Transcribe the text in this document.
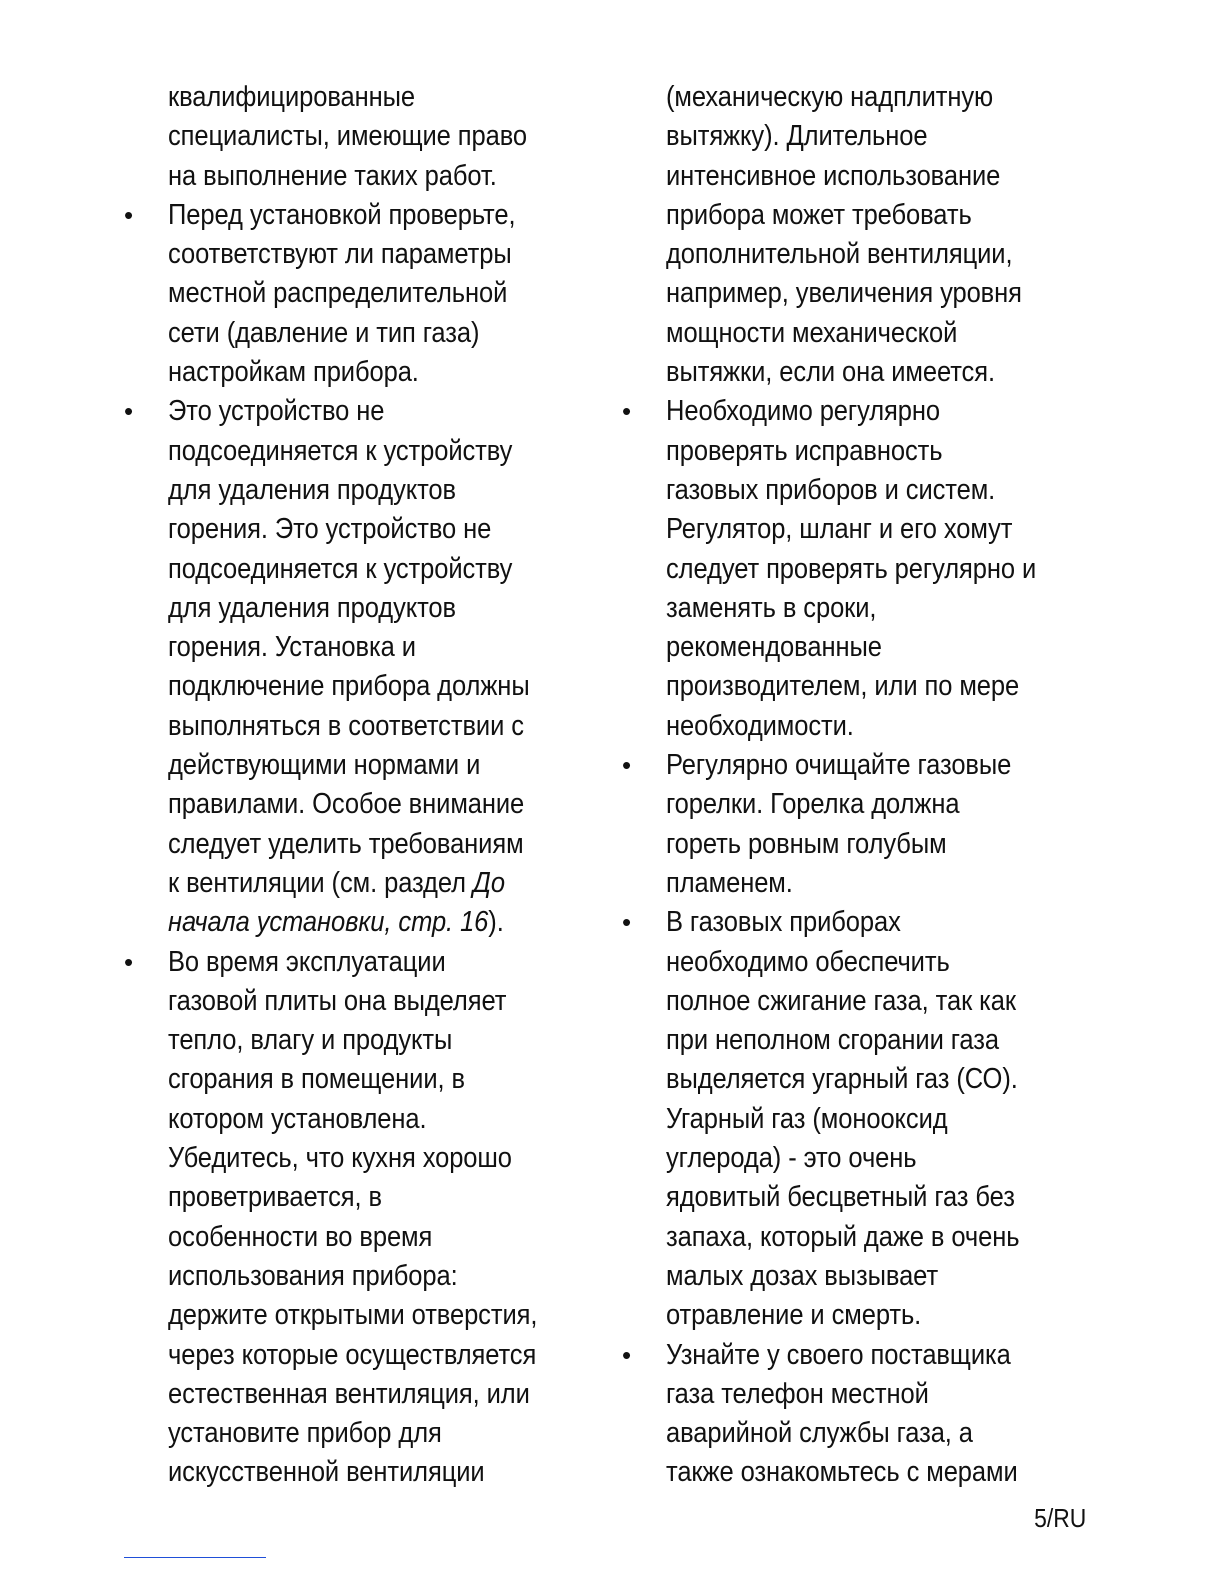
квалифицированные
специалисты, имеющие право
на выполнение таких работ.

• Перед установкой проверьте,
соответствуют ли параметры
местной распределительной
сети (давление и тип газа)
настройкам прибора.

• Это устройство не
подсоединяется к устройству
для удаления продуктов
горения. Это устройство не
подсоединяется к устройству
для удаления продуктов
горения. Установка и
подключение прибора должны
выполняться в соответствии с
действующими нормами и
правилами. Особое внимание
следует уделить требованиям
к вентиляции (см. раздел До
начала установки, стр. 16).

• Во время эксплуатации
газовой плиты она выделяет
тепло, влагу и продукты
сгорания в помещении, в
котором установлена.
Убедитесь, что кухня хорошо
проветривается, в
особенности во время
использования прибора:
держите открытыми отверстия,
через которые осуществляется
естественная вентиляция, или
установите прибор для
искусственной вентиляции

(механическую надплитную
вытяжку). Длительное
интенсивное использование
прибора может требовать
дополнительной вентиляции,
например, увеличения уровня
мощности механической
вытяжки, если она имеется.

• Необходимо регулярно
проверять исправность
газовых приборов и систем.
Регулятор, шланг и его хомут
следует проверять регулярно и
заменять в сроки,
рекомендованные
производителем, или по мере
необходимости.

• Регулярно очищайте газовые
горелки. Горелка должна
гореть ровным голубым
пламенем.

• В газовых приборах
необходимо обеспечить
полное сжигание газа, так как
при неполном сгорании газа
выделяется угарный газ (СО).
Угарный газ (монооксид
углерода) - это очень
ядовитый бесцветный газ без
запаха, который даже в очень
малых дозах вызывает
отравление и смерть.

• Узнайте у своего поставщика
газа телефон местной
аварийной службы газа, а
также ознакомьтесь с мерами

5/RU
